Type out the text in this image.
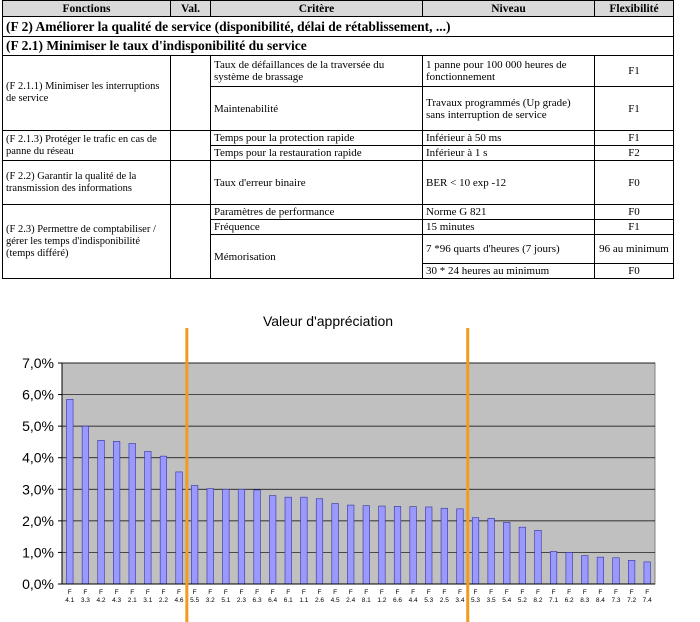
Fonctions	Val.	Critère	Niveau	Flexibilité
(F 2) Améliorer la qualité de service (disponibilité, délai de rétablissement, ...)				
(F 2.1) Minimiser le taux d'indisponibilité du service				
(F 2.1.1) Minimiser les interruptions de service		Taux de défaillances de la traversée du système de brassage	1 panne pour 100 000 heures de fonctionnement	F1
		Maintenabilité	Travaux programmés (Up grade) sans interruption de service	F1
(F 2.1.3) Protéger le trafic en cas de panne du réseau		Temps pour la protection rapide	Inférieur à 50 ms	F1
		Temps pour la restauration rapide	Inférieur à 1 s	F2
(F 2.2) Garantir la qualité de la transmission des informations		Taux d'erreur binaire	BER < 10 exp -12	F0
(F 2.3) Permettre de comptabiliser / gérer les temps d'indisponibilité (temps différé)		Paramètres de performance	Norme G 821	F0
		Fréquence	15 minutes	F1
		Mémorisation	7 *96 quarts d'heures (7 jours)	96 au minimum
			30 * 24 heures au minimum	F0
Valeur d'appréciation
0,0%
1,0%
2,0%
3,0%
4,0%
5,0%
6,0%
7,0%
F
4.1
F
3.3
F
4.2
F
4.3
F
2.1
F
3.1
F
2.2
F
4.6
F
5.5
F
3.2
F
5.1
F
2.3
F
6.3
F
6.4
F
6.1
F
1.1
F
2.6
F
4.5
F
2.4
F
8.1
F
1.2
F
6.6
F
4.4
F
5.3
F
2.5
F
3.4
F
5.3
F
3.5
F
5.4
F
5.2
F
8.2
F
7.1
F
6.2
F
8.3
F
8.4
F
7.3
F
7.2
F
7.4
